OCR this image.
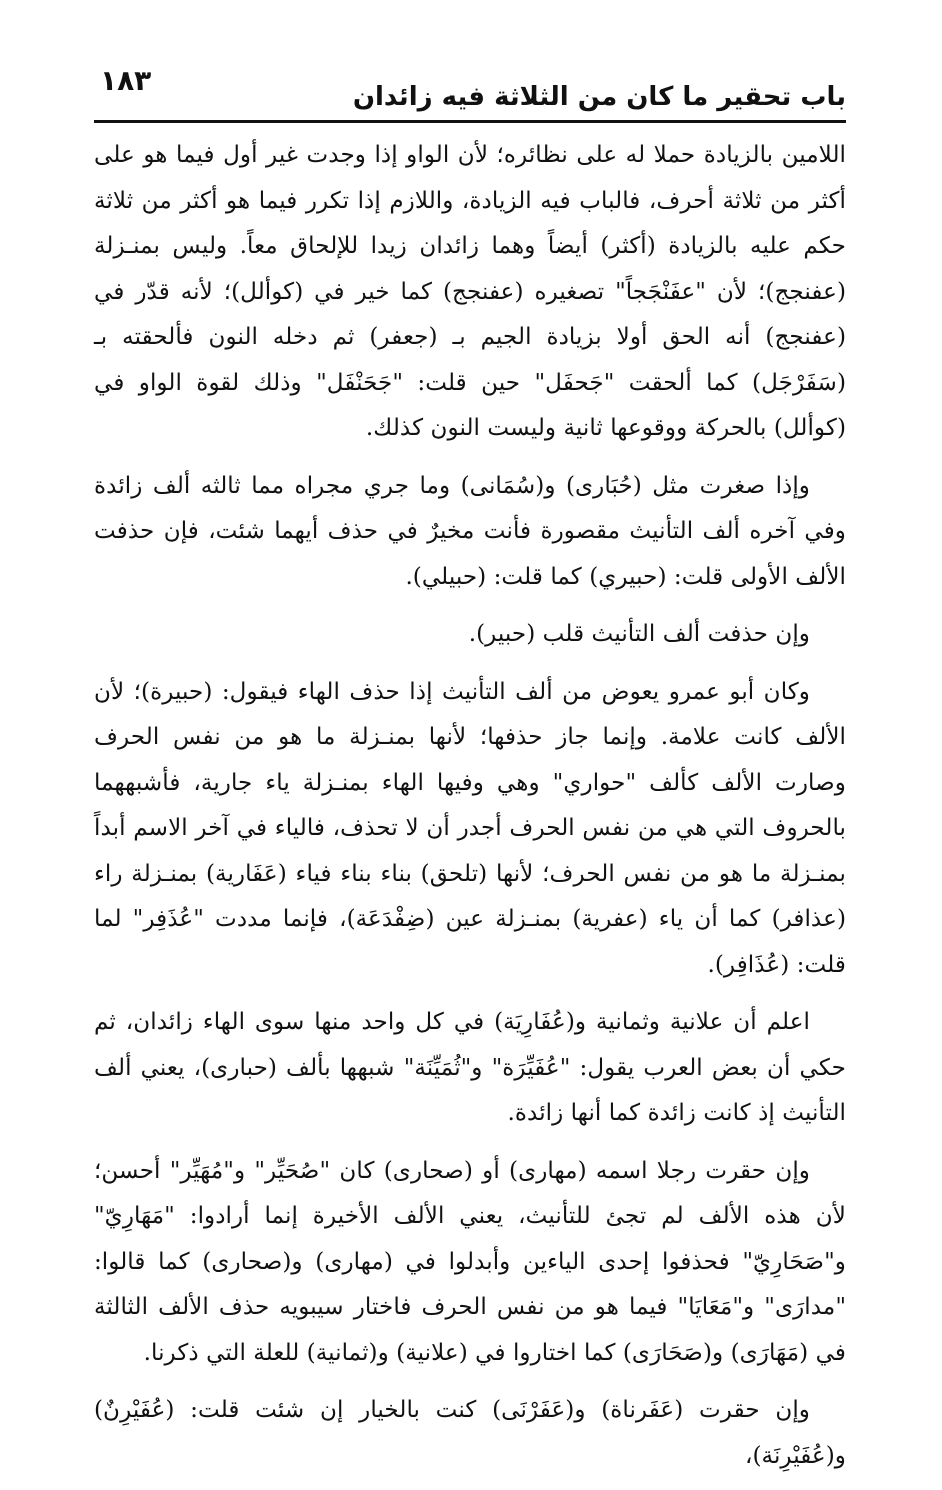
١٨٣	باب تحقير ما كان من الثلاثة فيه زائدان

اللامين بالزيادة حملا له على نظائره؛ لأن الواو إذا وجدت غير أول فيما هو على أكثر من ثلاثة أحرف، فالباب فيه الزيادة، واللازم إذا تكرر فيما هو أكثر من ثلاثة حكم عليه بالزيادة (أكثر) أيضاً وهما زائدان زيدا للإلحاق معاً. وليس بمنـزلة (عفنجج)؛ لأن "عفَنْجَجاً" تصغيره (عفنجج) كما خير في (كوألل)؛ لأنه قدّر في (عفنجج) أنه الحق أولا بزيادة الجيم بـ (جعفر) ثم دخله النون فألحقته بـ (سَفَرْجَل) كما ألحقت "جَحفَل" حين قلت: "جَحَنْفَل" وذلك لقوة الواو في (كوألل) بالحركة ووقوعها ثانية وليست النون كذلك.

وإذا صغرت مثل (حُبَارى) و(سُمَانى) وما جري مجراه مما ثالثه ألف زائدة وفي آخره ألف التأنيث مقصورة فأنت مخيرٌ في حذف أيهما شئت، فإن حذفت الألف الأولى قلت: (حبيري) كما قلت: (حبيلي).

وإن حذفت ألف التأنيث قلب (حبير).

وكان أبو عمرو يعوض من ألف التأنيث إذا حذف الهاء فيقول: (حبيرة)؛ لأن الألف كانت علامة. وإنما جاز حذفها؛ لأنها بمنـزلة ما هو من نفس الحرف وصارت الألف كألف "حواري" وهي وفيها الهاء بمنـزلة ياء جارية، فأشبههما بالحروف التي هي من نفس الحرف أجدر أن لا تحذف، فالياء في آخر الاسم أبداً بمنـزلة ما هو من نفس الحرف؛ لأنها (تلحق) بناء بناء فياء (عَفَارية) بمنـزلة راء (عذافر) كما أن ياء (عفرية) بمنـزلة عين (ضِفْدَعَة)، فإنما مددت "عُذَفِر" لما قلت: (عُذَافِر).

اعلم أن علانية وثمانية و(عُفَارِيَة) في كل واحد منها سوى الهاء زائدان، ثم حكي أن بعض العرب يقول: "عُفَيِّرَة" و"ثُمَيِّنَة" شبهها بألف (حبارى)، يعني ألف التأنيث إذ كانت زائدة كما أنها زائدة.

وإن حقرت رجلا اسمه (مهارى) أو (صحارى) كان "صُحَيِّر" و"مُهَيِّر" أحسن؛ لأن هذه الألف لم تجئ للتأنيث، يعني الألف الأخيرة إنما أرادوا: "مَهَارِيّ" و"صَحَارِيّ" فحذفوا إحدى الياءين وأبدلوا في (مهارى) و(صحارى) كما قالوا: "مدارَى" و"مَعَايَا" فيما هو من نفس الحرف فاختار سيبويه حذف الألف الثالثة في (مَهَارَى) و(صَحَارَى) كما اختاروا في (علانية) و(ثمانية) للعلة التي ذكرنا.

وإن حقرت (عَفَرناة) و(عَفَرْنَى) كنت بالخيار إن شئت قلت: (عُفَيْرِنٌ) و(عُفَيْرِنَة)،
